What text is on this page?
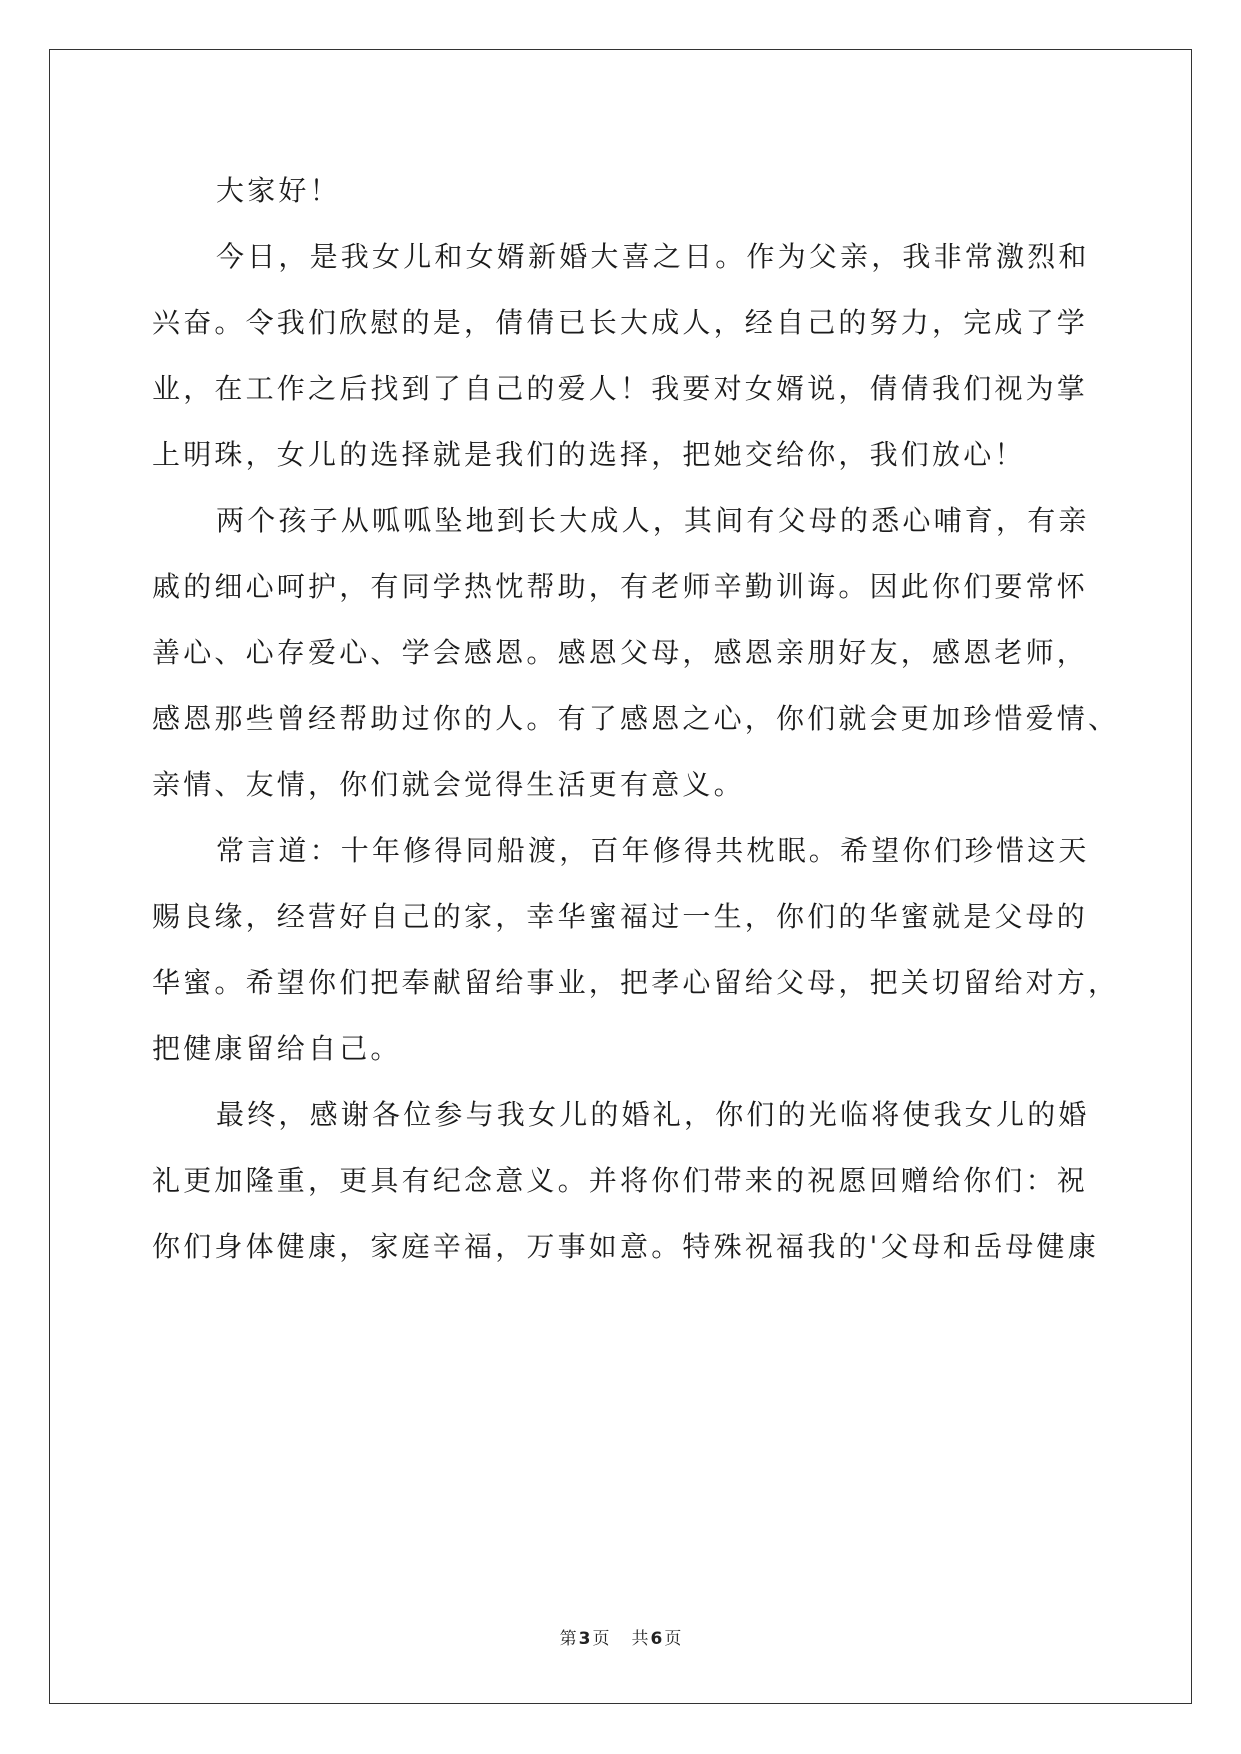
大家好！
今日，是我女儿和女婿新婚大喜之日。作为父亲，我非常激烈和
兴奋。令我们欣慰的是，倩倩已长大成人，经自己的努力，完成了学
业，在工作之后找到了自己的爱人！我要对女婿说，倩倩我们视为掌
上明珠，女儿的选择就是我们的选择，把她交给你，我们放心！
两个孩子从呱呱坠地到长大成人，其间有父母的悉心哺育，有亲
戚的细心呵护，有同学热忱帮助，有老师辛勤训诲。因此你们要常怀
善心、心存爱心、学会感恩。感恩父母，感恩亲朋好友，感恩老师，
感恩那些曾经帮助过你的人。有了感恩之心，你们就会更加珍惜爱情、
亲情、友情，你们就会觉得生活更有意义。
常言道：十年修得同船渡，百年修得共枕眠。希望你们珍惜这天
赐良缘，经营好自己的家，幸华蜜福过一生，你们的华蜜就是父母的
华蜜。希望你们把奉献留给事业，把孝心留给父母，把关切留给对方，
把健康留给自己。
最终，感谢各位参与我女儿的婚礼，你们的光临将使我女儿的婚
礼更加隆重，更具有纪念意义。并将你们带来的祝愿回赠给你们：祝
你们身体健康，家庭辛福，万事如意。特殊祝福我的'父母和岳母健康
第 3 页 共 6 页
